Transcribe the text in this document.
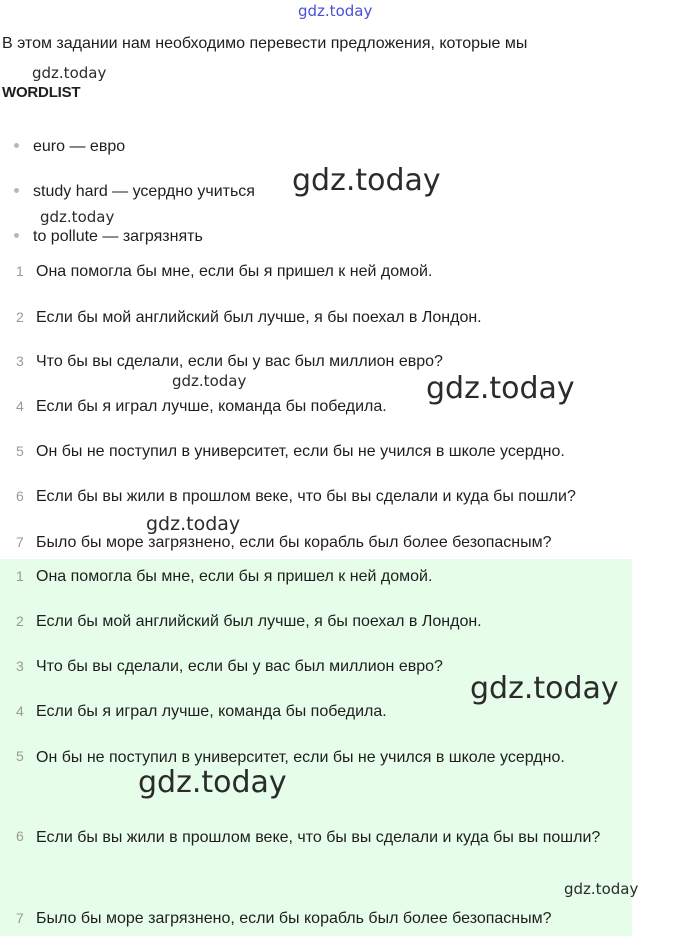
gdz.today
В этом задании нам необходимо перевести предложения, которые мы
gdz.today
WORDLIST
euro — евро
study hard — усердно учиться
to pollute — загрязнять
gdz.today
gdz.today
1 Она помогла бы мне, если бы я пришел к ней домой.
2 Если бы мой английский был лучше, я бы поехал в Лондон.
3 Что бы вы сделали, если бы у вас был миллион евро?
4 Если бы я играл лучше, команда бы победила.
5 Он бы не поступил в университет, если бы не учился в школе усердно.
6 Если бы вы жили в прошлом веке, что бы вы сделали и куда бы пошли?
7 Было бы море загрязнено, если бы корабль был более безопасным?
gdz.today	gdz.today
gdz.today
1 Она помогла бы мне, если бы я пришел к ней домой.
2 Если бы мой английский был лучше, я бы поехал в Лондон.
3 Что бы вы сделали, если бы у вас был миллион евро?
4 Если бы я играл лучше, команда бы победила.
5 Он бы не поступил в университет, если бы не учился в школе усердно.
6 Если бы вы жили в прошлом веке, что бы вы сделали и куда бы вы пошли?
7 Было бы море загрязнено, если бы корабль был более безопасным?
gdz.today
gdz.today
gdz.today
